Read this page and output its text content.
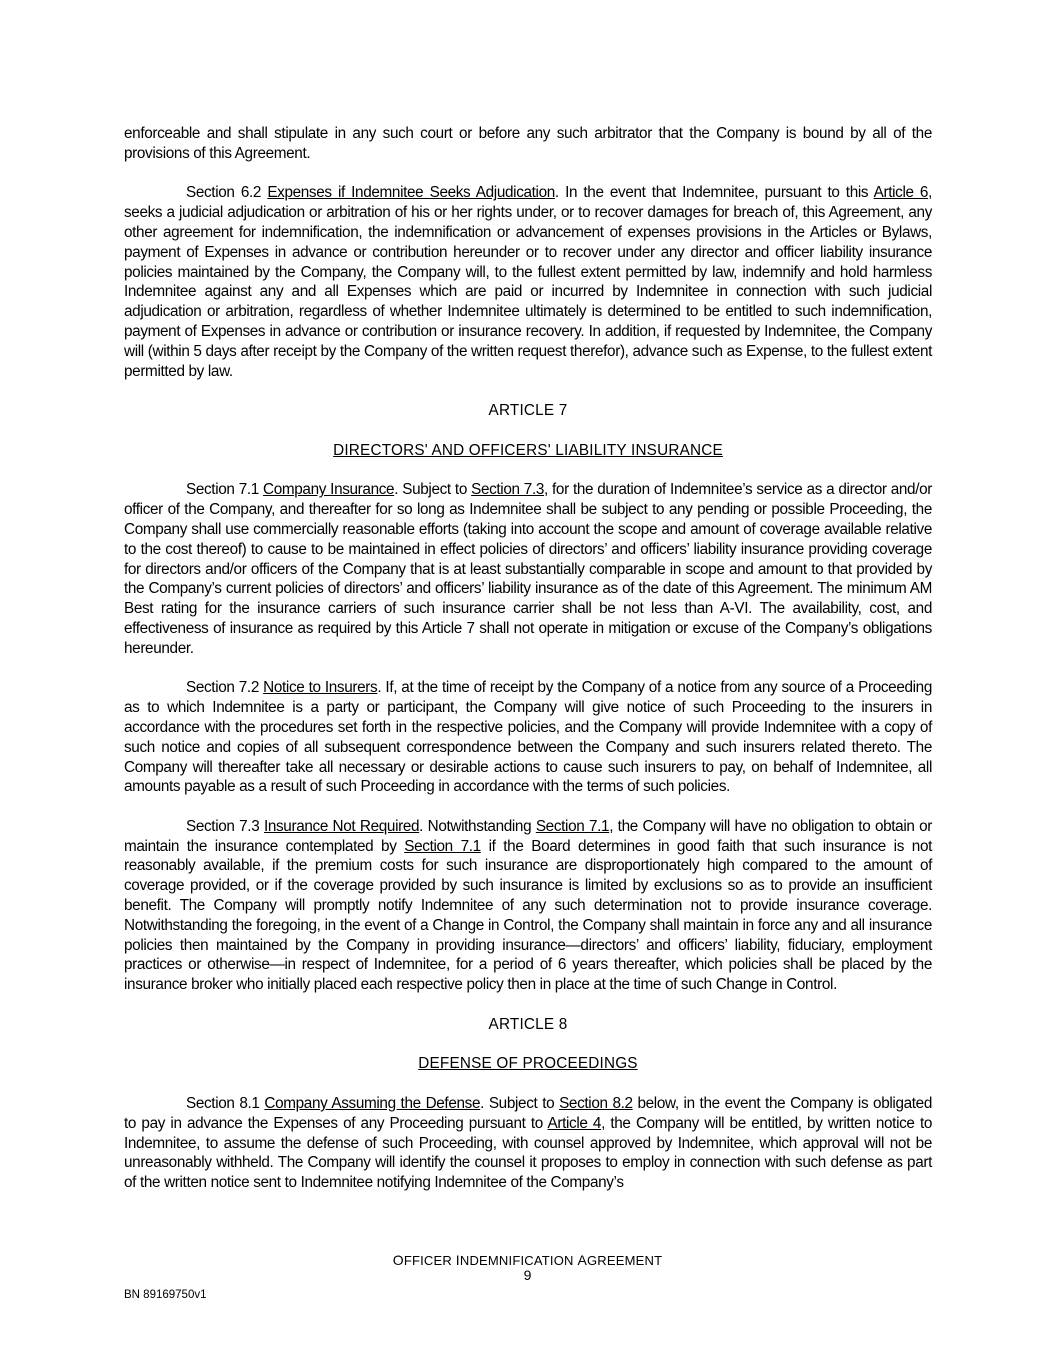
enforceable and shall stipulate in any such court or before any such arbitrator that the Company is bound by all of the provisions of this Agreement.

Section 6.2 Expenses if Indemnitee Seeks Adjudication. In the event that Indemnitee, pursuant to this Article 6, seeks a judicial adjudication or arbitration of his or her rights under, or to recover damages for breach of, this Agreement, any other agreement for indemnification, the indemnification or advancement of expenses provisions in the Articles or Bylaws, payment of Expenses in advance or contribution hereunder or to recover under any director and officer liability insurance policies maintained by the Company, the Company will, to the fullest extent permitted by law, indemnify and hold harmless Indemnitee against any and all Expenses which are paid or incurred by Indemnitee in connection with such judicial adjudication or arbitration, regardless of whether Indemnitee ultimately is determined to be entitled to such indemnification, payment of Expenses in advance or contribution or insurance recovery. In addition, if requested by Indemnitee, the Company will (within 5 days after receipt by the Company of the written request therefor), advance such as Expense, to the fullest extent permitted by law.

ARTICLE 7
DIRECTORS' AND OFFICERS' LIABILITY INSURANCE

Section 7.1 Company Insurance. Subject to Section 7.3, for the duration of Indemnitee’s service as a director and/or officer of the Company, and thereafter for so long as Indemnitee shall be subject to any pending or possible Proceeding, the Company shall use commercially reasonable efforts (taking into account the scope and amount of coverage available relative to the cost thereof) to cause to be maintained in effect policies of directors’ and officers’ liability insurance providing coverage for directors and/or officers of the Company that is at least substantially comparable in scope and amount to that provided by the Company’s current policies of directors’ and officers’ liability insurance as of the date of this Agreement. The minimum AM Best rating for the insurance carriers of such insurance carrier shall be not less than A-VI. The availability, cost, and effectiveness of insurance as required by this Article 7 shall not operate in mitigation or excuse of the Company’s obligations hereunder.

Section 7.2 Notice to Insurers. If, at the time of receipt by the Company of a notice from any source of a Proceeding as to which Indemnitee is a party or participant, the Company will give notice of such Proceeding to the insurers in accordance with the procedures set forth in the respective policies, and the Company will provide Indemnitee with a copy of such notice and copies of all subsequent correspondence between the Company and such insurers related thereto. The Company will thereafter take all necessary or desirable actions to cause such insurers to pay, on behalf of Indemnitee, all amounts payable as a result of such Proceeding in accordance with the terms of such policies.

Section 7.3 Insurance Not Required. Notwithstanding Section 7.1, the Company will have no obligation to obtain or maintain the insurance contemplated by Section 7.1 if the Board determines in good faith that such insurance is not reasonably available, if the premium costs for such insurance are disproportionately high compared to the amount of coverage provided, or if the coverage provided by such insurance is limited by exclusions so as to provide an insufficient benefit. The Company will promptly notify Indemnitee of any such determination not to provide insurance coverage. Notwithstanding the foregoing, in the event of a Change in Control, the Company shall maintain in force any and all insurance policies then maintained by the Company in providing insurance—directors’ and officers’ liability, fiduciary, employment practices or otherwise—in respect of Indemnitee, for a period of 6 years thereafter, which policies shall be placed by the insurance broker who initially placed each respective policy then in place at the time of such Change in Control.

ARTICLE 8
DEFENSE OF PROCEEDINGS

Section 8.1 Company Assuming the Defense. Subject to Section 8.2 below, in the event the Company is obligated to pay in advance the Expenses of any Proceeding pursuant to Article 4, the Company will be entitled, by written notice to Indemnitee, to assume the defense of such Proceeding, with counsel approved by Indemnitee, which approval will not be unreasonably withheld. The Company will identify the counsel it proposes to employ in connection with such defense as part of the written notice sent to Indemnitee notifying Indemnitee of the Company’s

OFFICER INDEMNIFICATION AGREEMENT
9
BN 89169750v1
